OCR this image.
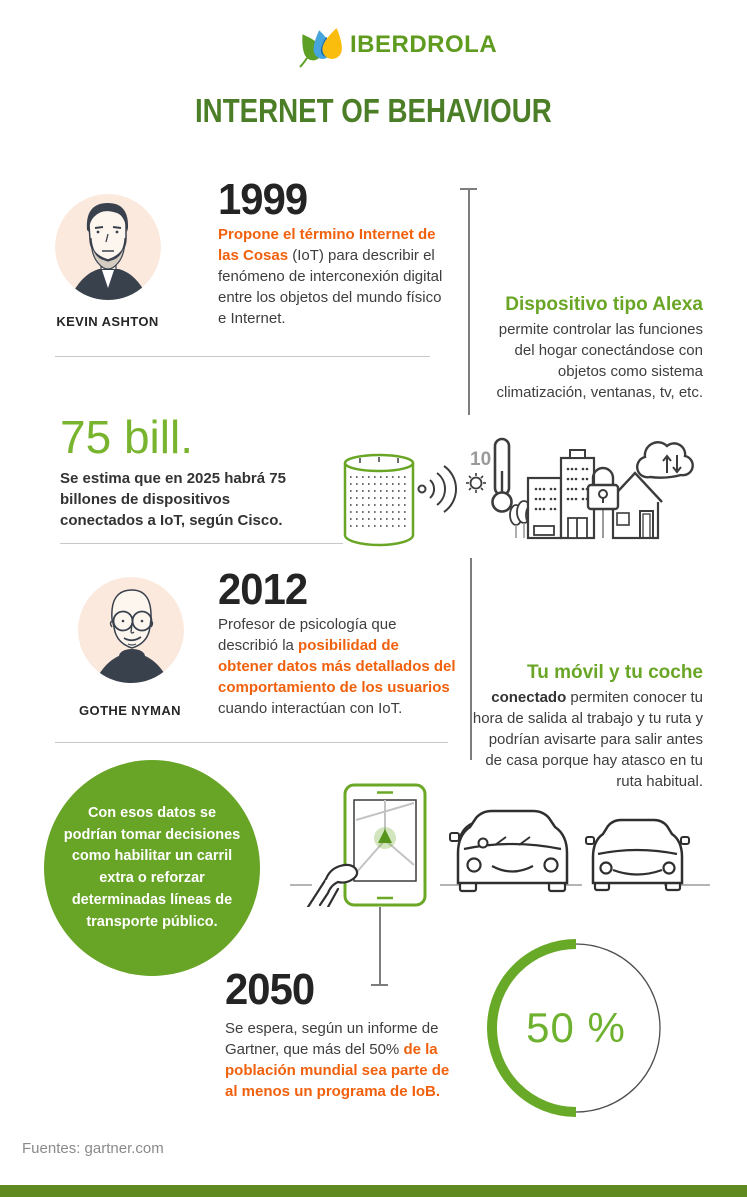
IBERDROLA
INTERNET OF BEHAVIOUR
KEVIN ASHTON
1999
Propone el término Internet de las Cosas (IoT) para describir el fenómeno de interconexión digital entre los objetos del mundo físico e Internet.
Dispositivo tipo Alexa
permite controlar las funciones del hogar conectándose con objetos como sistema climatización, ventanas, tv, etc.
75 bill.
Se estima que en 2025 habrá 75 billones de dispositivos conectados a IoT, según Cisco.
10
GOTHE NYMAN
2012
Profesor de psicología que describió la posibilidad de obtener datos más detallados del comportamiento de los usuarios cuando interactúan con IoT.
Tu móvil y tu coche
conectado permiten conocer tu hora de salida al trabajo y tu ruta y podrían avisarte para salir antes de casa porque hay atasco en tu ruta habitual.
Con esos datos se podrían tomar decisiones como habilitar un carril extra o reforzar determinadas líneas de transporte público.
2050
Se espera, según un informe de Gartner, que más del 50% de la población mundial sea parte de al menos un programa de IoB.
50 %
Fuentes: gartner.com
